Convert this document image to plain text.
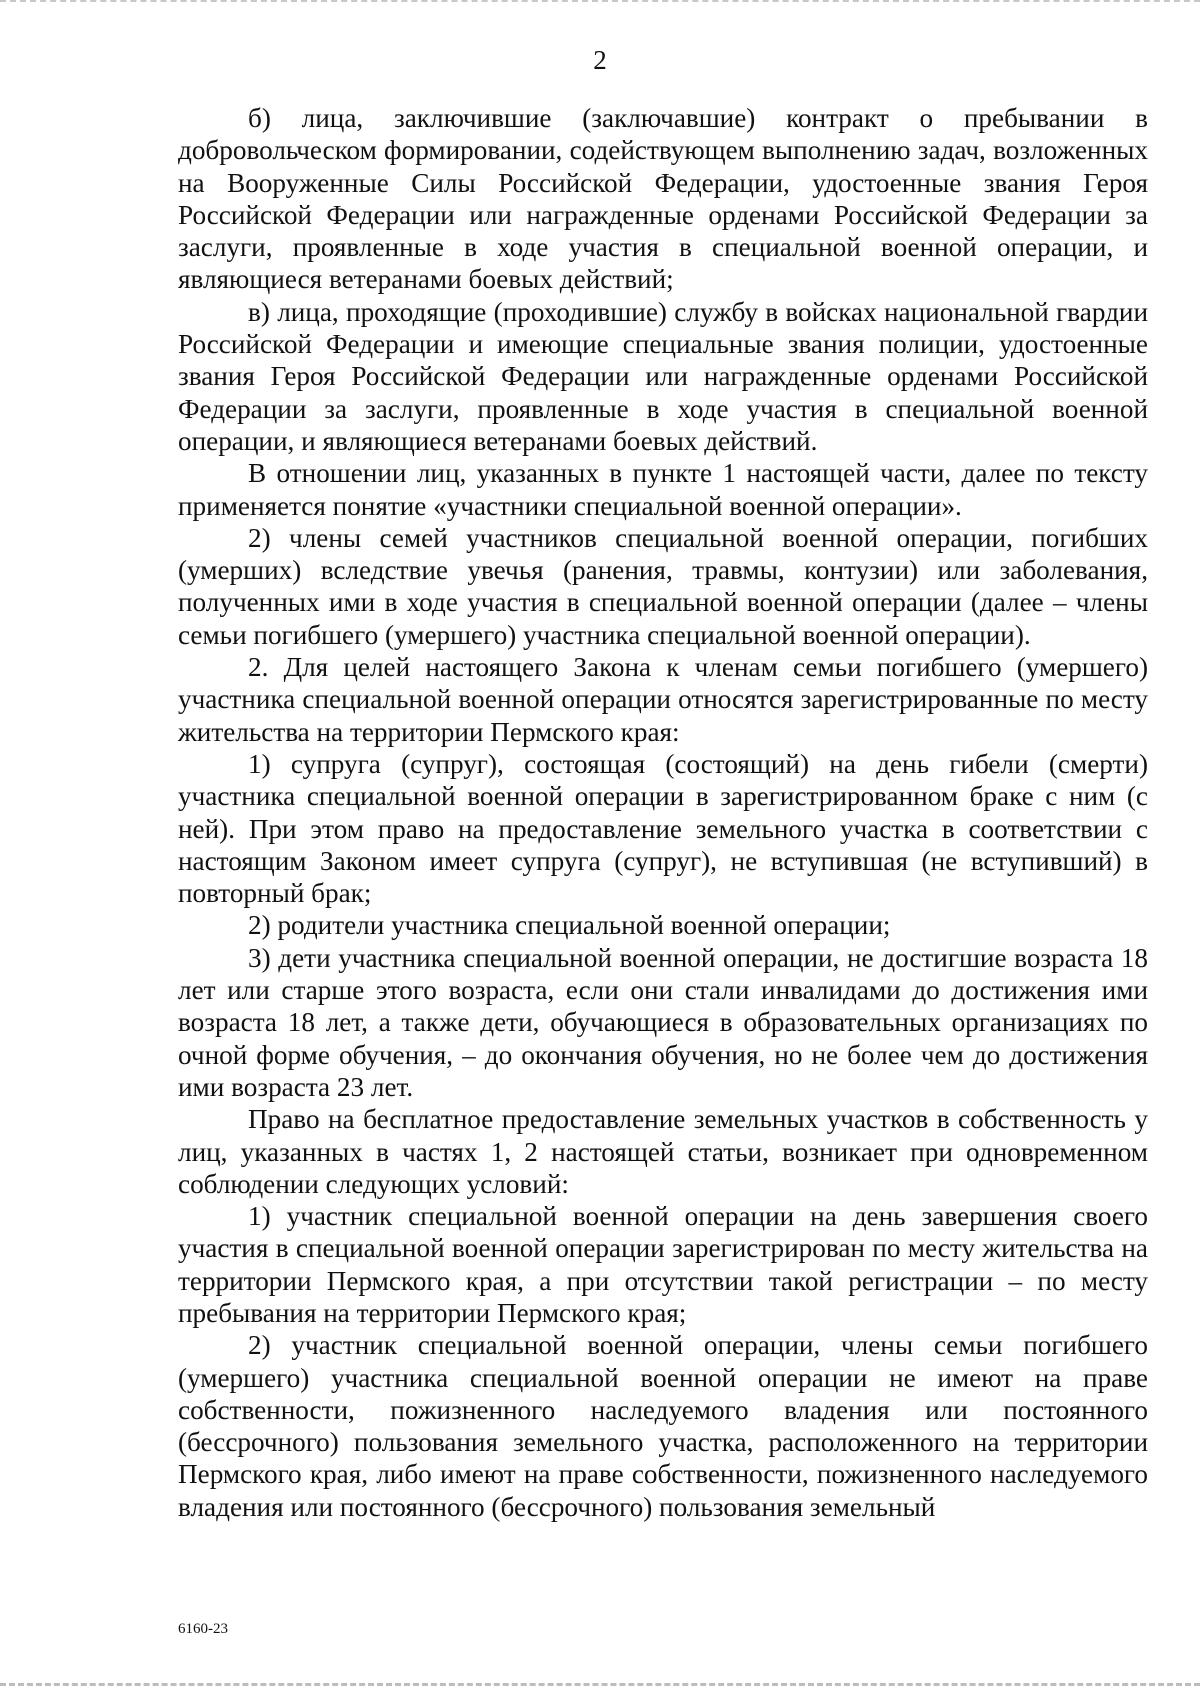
2

б) лица, заключившие (заключавшие) контракт о пребывании в добровольческом формировании, содействующем выполнению задач, возложенных на Вооруженные Силы Российской Федерации, удостоенные звания Героя Российской Федерации или награжденные орденами Российской Федерации за заслуги, проявленные в ходе участия в специальной военной операции, и являющиеся ветеранами боевых действий;

в) лица, проходящие (проходившие) службу в войсках национальной гвардии Российской Федерации и имеющие специальные звания полиции, удостоенные звания Героя Российской Федерации или награжденные орденами Российской Федерации за заслуги, проявленные в ходе участия в специальной военной операции, и являющиеся ветеранами боевых действий.

В отношении лиц, указанных в пункте 1 настоящей части, далее по тексту применяется понятие «участники специальной военной операции».

2) члены семей участников специальной военной операции, погибших (умерших) вследствие увечья (ранения, травмы, контузии) или заболевания, полученных ими в ходе участия в специальной военной операции (далее – члены семьи погибшего (умершего) участника специальной военной операции).

2. Для целей настоящего Закона к членам семьи погибшего (умершего) участника специальной военной операции относятся зарегистрированные по месту жительства на территории Пермского края:

1) супруга (супруг), состоящая (состоящий) на день гибели (смерти) участника специальной военной операции в зарегистрированном браке с ним (с ней). При этом право на предоставление земельного участка в соответствии с настоящим Законом имеет супруга (супруг), не вступившая (не вступивший) в повторный брак;

2) родители участника специальной военной операции;

3) дети участника специальной военной операции, не достигшие возраста 18 лет или старше этого возраста, если они стали инвалидами до достижения ими возраста 18 лет, а также дети, обучающиеся в образовательных организациях по очной форме обучения, – до окончания обучения, но не более чем до достижения ими возраста 23 лет.

Право на бесплатное предоставление земельных участков в собственность у лиц, указанных в частях 1, 2 настоящей статьи, возникает при одновременном соблюдении следующих условий:

1) участник специальной военной операции на день завершения своего участия в специальной военной операции зарегистрирован по месту жительства на территории Пермского края, а при отсутствии такой регистрации – по месту пребывания на территории Пермского края;

2) участник специальной военной операции, члены семьи погибшего (умершего) участника специальной военной операции не имеют на праве собственности, пожизненного наследуемого владения или постоянного (бессрочного) пользования земельного участка, расположенного на территории Пермского края, либо имеют на праве собственности, пожизненного наследуемого владения или постоянного (бессрочного) пользования земельный

6160-23
